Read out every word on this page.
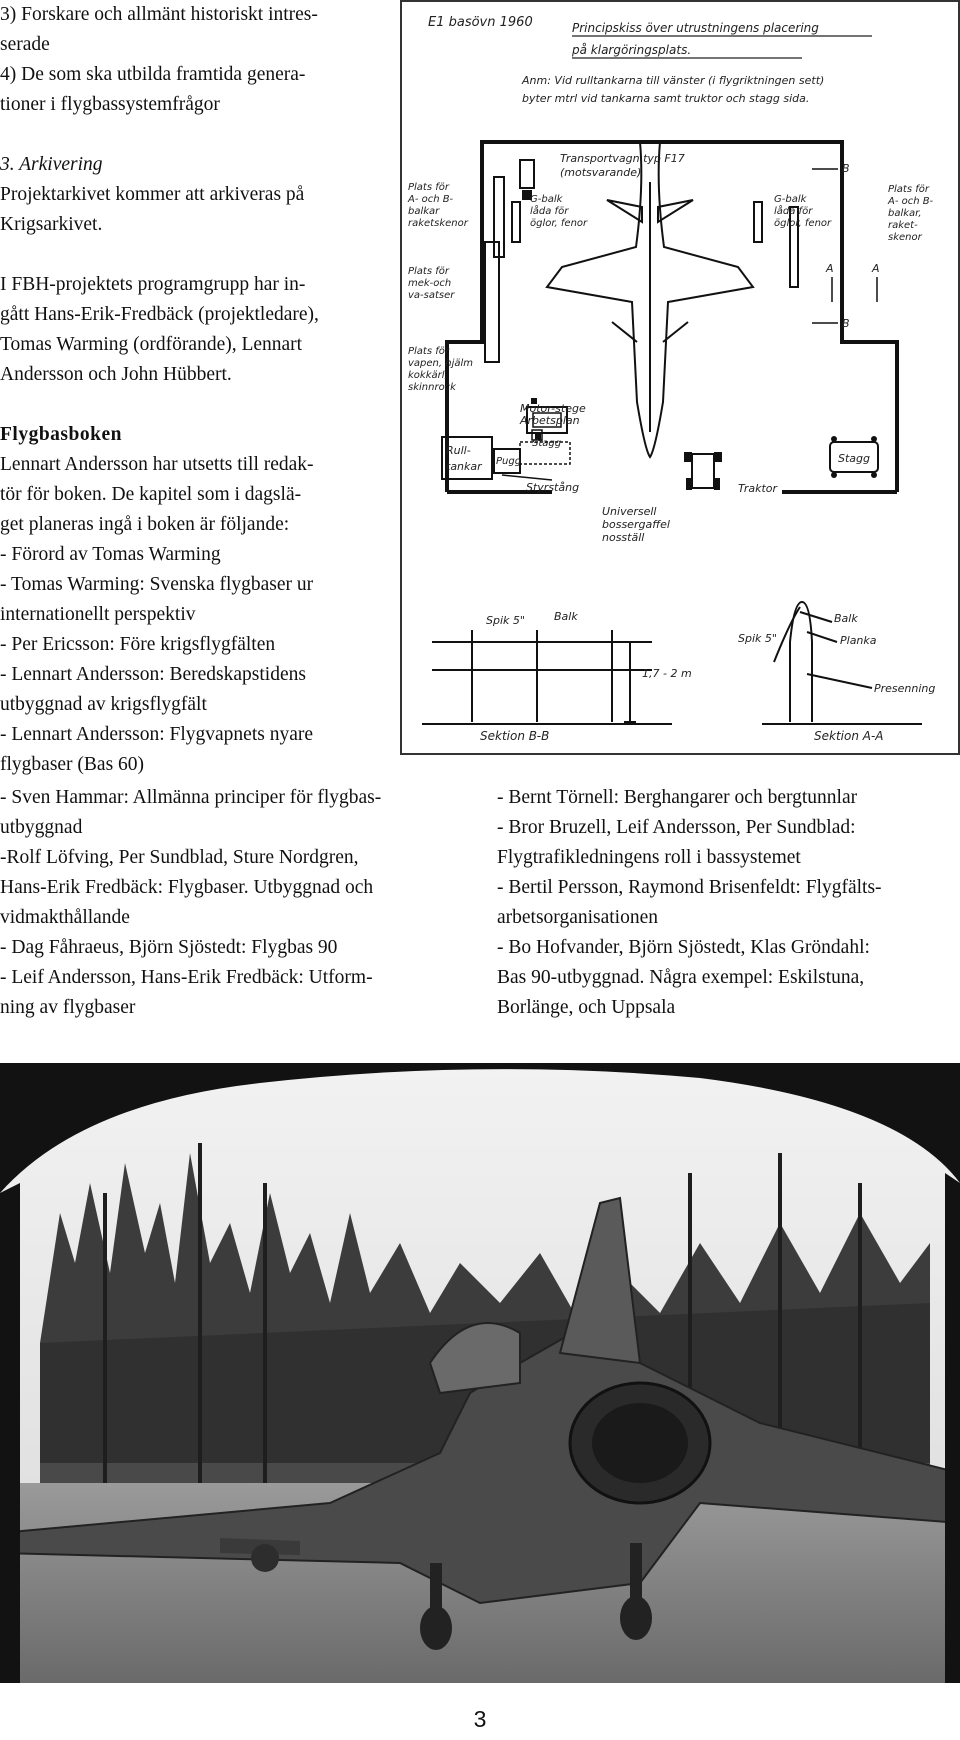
3) Forskare och allmänt historiskt intres-

serade

4) De som ska utbilda framtida genera-

tioner i flygbassystemfrågor

3. Arkivering

Projektarkivet kommer att arkiveras på

Krigsarkivet.

I FBH-projektets programgrupp har in-

gått Hans-Erik-Fredbäck (projektledare),

Tomas Warming (ordförande), Lennart

Andersson och John Hübbert.

Flygbasboken

Lennart Andersson har utsetts till redak-

tör för boken. De kapitel som i dagslä-

get planeras ingå i boken är följande:

- Förord av Tomas Warming

- Tomas Warming: Svenska flygbaser ur

internationellt perspektiv

- Per Ericsson: Före krigsflygfälten

- Lennart Andersson: Beredskapstidens

utbyggnad av krigsflygfält

- Lennart Andersson: Flygvapnets nyare

flygbaser (Bas 60)

E1 basövn 1960	Principskiss över utrustningens placering
på klargöringsplats.
Anm: Vid rulltankarna till vänster (i flygriktningen sett)
byter mtrl vid tankarna samt truktor och stagg sida.
Transportvagn typ F17
(motsvarande)
Plats för
A- och B-
balkar
raketskenor
Plats för
A- och B-
balkar,
raket-
skenor
G-balk
låda för
öglor, fenor
G-balk
låda för
öglor, fenor
Plats för
mek-och
va-satser
Plats för
vapen, hjälm
kokkärl,
skinnrock
B
B
A	A
Motor-stege
Arbetsplan
Stagg
Stagg
Rull-
tankar Pugg
Styrstång	Traktor
Universell
bossergaffel
nosställ
Spik 5"	Balk
1,7 - 2 m
Sektion B-B
Spik 5"
Balk
Planka
Presenning
Sektion A-A

- Sven Hammar: Allmänna principer för flygbas-

utbyggnad

-Rolf Löfving, Per Sundblad, Sture Nordgren,

Hans-Erik Fredbäck: Flygbaser. Utbyggnad och

vidmakthållande

- Dag Fåhraeus, Björn Sjöstedt: Flygbas 90

- Leif Andersson, Hans-Erik Fredbäck: Utform-

ning av flygbaser

- Bernt Törnell: Berghangarer och bergtunnlar

- Bror Bruzell, Leif Andersson, Per Sundblad:

Flygtrafikledningens roll i bassystemet

- Bertil Persson, Raymond Brisenfeldt: Flygfälts-

arbetsorganisationen

- Bo Hofvander, Björn Sjöstedt, Klas Gröndahl:

Bas 90-utbyggnad. Några exempel: Eskilstuna,

Borlänge, och Uppsala

3
